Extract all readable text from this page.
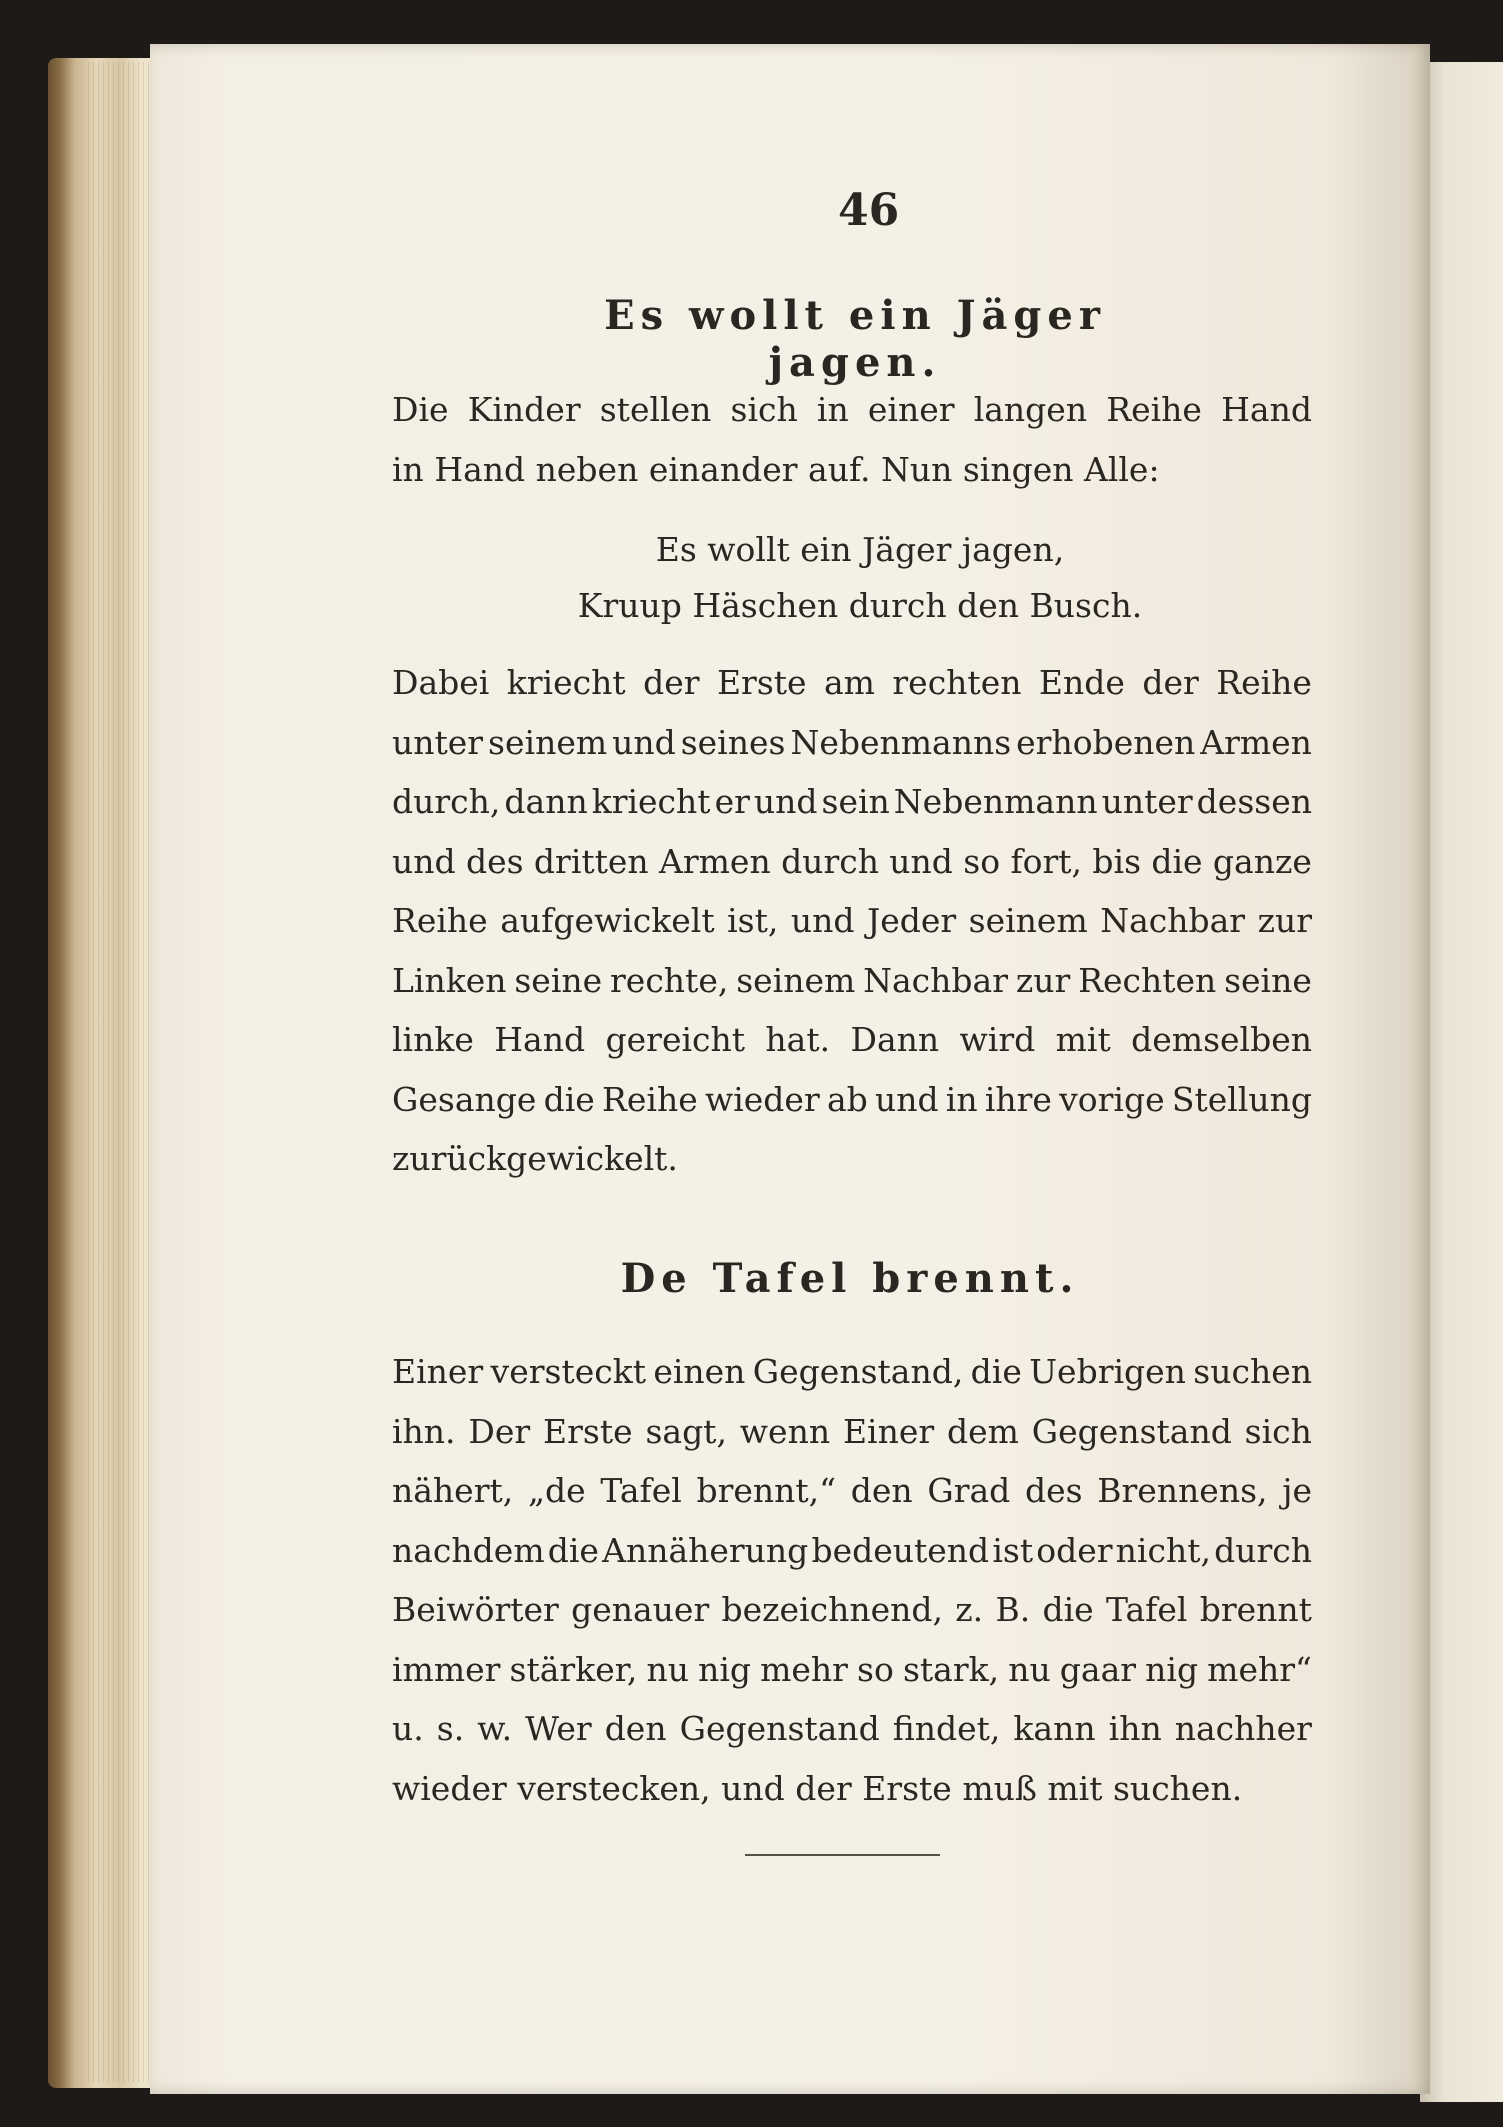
46
Es wollt ein Jäger jagen.
Die Kinder stellen sich in einer langen Reihe Hand
in Hand neben einander auf. Nun singen Alle:
Es wollt ein Jäger jagen,
Kruup Häschen durch den Busch.
Dabei kriecht der Erste am rechten Ende der Reihe
unter seinem und seines Nebenmanns erhobenen Armen
durch, dann kriecht er und sein Nebenmann unter dessen
und des dritten Armen durch und so fort, bis die ganze
Reihe aufgewickelt ist, und Jeder seinem Nachbar zur
Linken seine rechte, seinem Nachbar zur Rechten seine
linke Hand gereicht hat. Dann wird mit demselben
Gesange die Reihe wieder ab und in ihre vorige Stellung
zurückgewickelt.
De Tafel brennt.
Einer versteckt einen Gegenstand, die Uebrigen suchen
ihn. Der Erste sagt, wenn Einer dem Gegenstand sich
nähert, „de Tafel brennt,“ den Grad des Brennens, je
nachdem die Annäherung bedeutend ist oder nicht, durch
Beiwörter genauer bezeichnend, z. B. die Tafel brennt
immer stärker, nu nig mehr so stark, nu gaar nig mehr“
u. s. w. Wer den Gegenstand findet, kann ihn nachher
wieder verstecken, und der Erste muß mit suchen.
